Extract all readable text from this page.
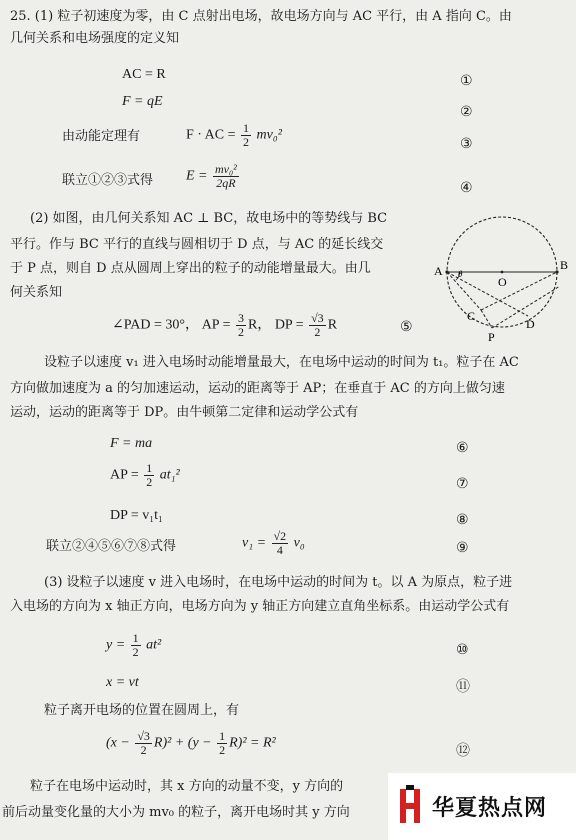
25. (1) 粒子初速度为零，由 C 点射出电场，故电场方向与 AC 平行，由 A 指向 C。由
几何关系和电场强度的定义知
AC = R	①
F = qE
②
由动能定理有	F · AC = $\frac{1}{2} mv_0^2$
③
联立①②③式得 $E = \frac{\text{mv₀²}}{2qR}$	④
(2) 如图，由几何关系知 AC ⊥ BC，故电场中的等势线与 BC
平行。作与 BC 平行的直线与圆相切于 D 点，与 AC 的延长线交
于 P 点，则自 D 点从圆周上穿出的粒子的动能增量最大。由几
何关系知
∠PAD = 30°， AP = $\frac{3}{2}$ R， DP = $\frac{√3}{2}$ R	⑤
设粒子以速度 v₁ 进入电场时动能增量最大，在电场中运动的时间为 t₁。粒子在 AC
方向做加速度为 a 的匀加速运动，运动的距离等于 AP；在垂直于 AC 的方向上做匀速
运动，运动的距离等于 DP。由牛顿第二定律和运动学公式有
F = ma	⑥
AP = $\frac{1}{2} at_1^2$
⑦
DP = v₁t₁	⑧
联立②④⑤⑥⑦⑧式得	$v_1 = \frac{√2}{4} v_0$	⑨
(3) 设粒子以速度 v 进入电场时，在电场中运动的时间为 t。以 A 为原点，粒子进
入电场的方向为 x 轴正方向，电场方向为 y 轴正方向建立直角坐标系。由运动学公式有
$y = \frac{1}{2} at^2$	⑩
x = vt	⑪
粒子离开电场的位置在圆周上，有
$(x - \frac{√3}{2} R)^2 + (y - \frac{1}{2} R)^2 = R^2$
⑫
粒子在电场中运动时，其 x 方向的动量不变，y 方向的
前后动量变化量的大小为 mv₀ 的粒子，离开电场时其 y 方向
A	B
O
C
D
P
θ
华夏热点网
